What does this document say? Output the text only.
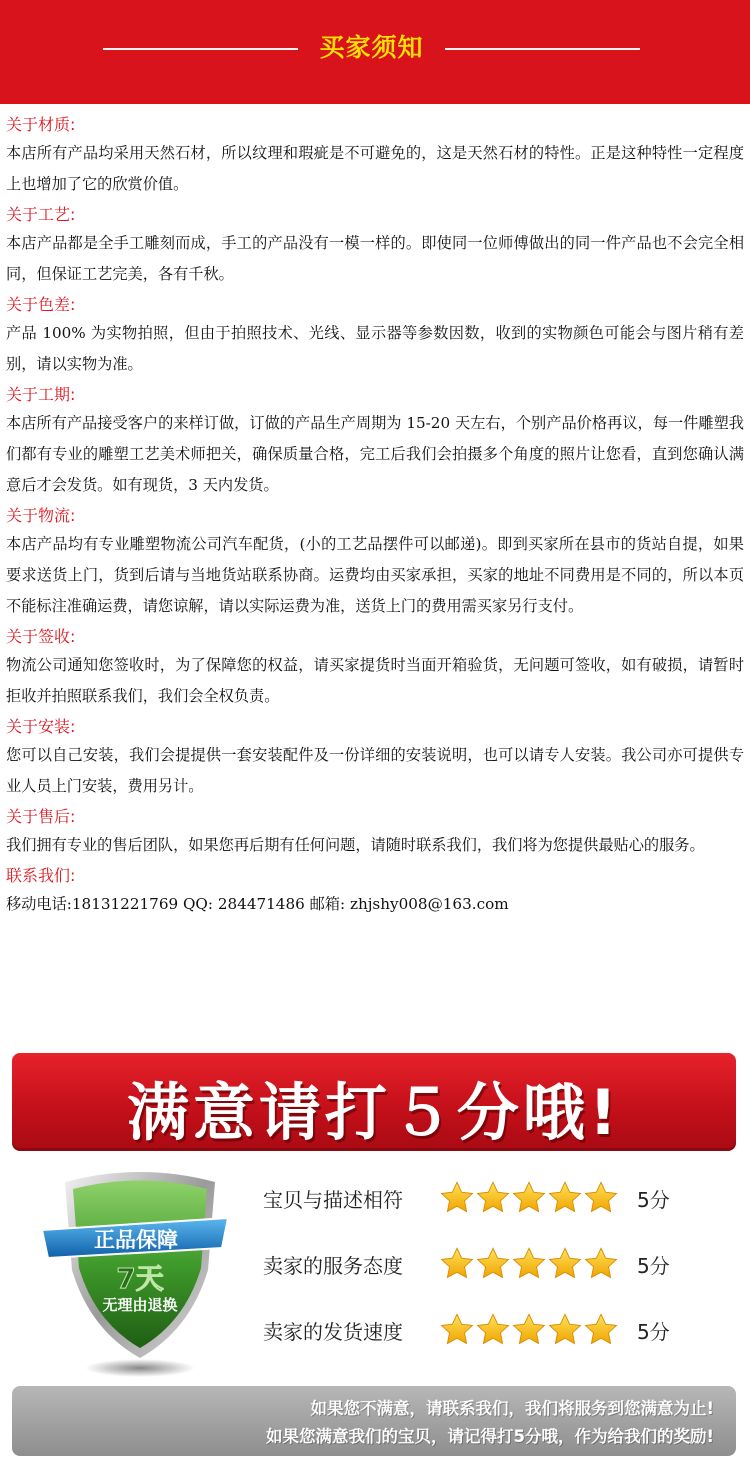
买家须知
关于材质:
本店所有产品均采用天然石材，所以纹理和瑕疵是不可避免的，这是天然石材的特性。正是这种特性一定程度上也增加了它的欣赏价值。
关于工艺:
本店产品都是全手工雕刻而成，手工的产品没有一模一样的。即使同一位师傅做出的同一件产品也不会完全相同，但保证工艺完美，各有千秋。
关于色差:
产品 100% 为实物拍照，但由于拍照技术、光线、显示器等参数因数，收到的实物颜色可能会与图片稍有差别，请以实物为准。
关于工期:
本店所有产品接受客户的来样订做，订做的产品生产周期为 15-20 天左右，个别产品价格再议，每一件雕塑我们都有专业的雕塑工艺美术师把关，确保质量合格，完工后我们会拍摄多个角度的照片让您看，直到您确认满意后才会发货。如有现货，3 天内发货。
关于物流:
本店产品均有专业雕塑物流公司汽车配货，(小的工艺品摆件可以邮递)。即到买家所在县市的货站自提，如果要求送货上门，货到后请与当地货站联系协商。运费均由买家承担，买家的地址不同费用是不同的，所以本页不能标注准确运费，请您谅解，请以实际运费为准，送货上门的费用需买家另行支付。
关于签收:
物流公司通知您签收时，为了保障您的权益，请买家提货时当面开箱验货，无问题可签收，如有破损，请暂时拒收并拍照联系我们，我们会全权负责。
关于安装:
您可以自己安装，我们会提提供一套安装配件及一份详细的安装说明，也可以请专人安装。我公司亦可提供专业人员上门安装，费用另计。
关于售后:
我们拥有专业的售后团队，如果您再后期有任何问题，请随时联系我们，我们将为您提供最贴心的服务。
联系我们:
移动电话:18131221769 QQ: 284471486 邮箱: zhjshy008@163.com
满意请打５分哦!
正品保障
7天
无理由退换
宝贝与描述相符	5分
卖家的服务态度	5分
卖家的发货速度	5分
如果您不满意，请联系我们，我们将服务到您满意为止!
如果您满意我们的宝贝，请记得打5分哦，作为给我们的奖励!
